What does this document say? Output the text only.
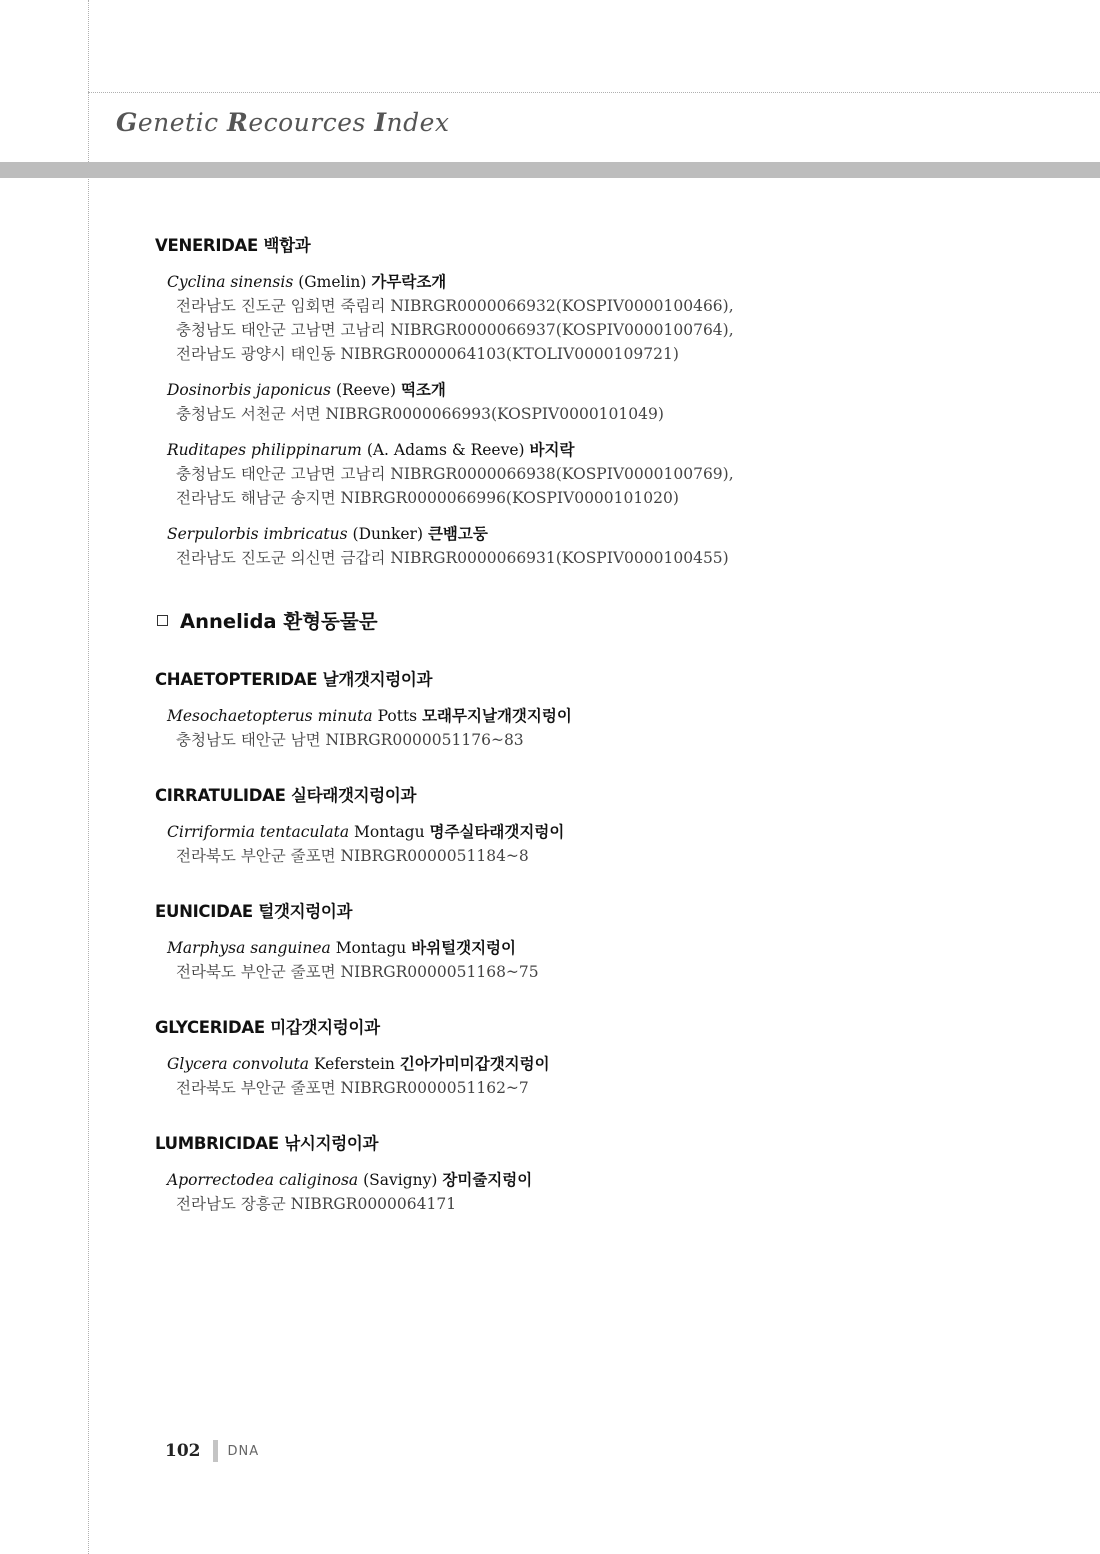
Genetic Recources Index
VENERIDAE 백합과
Cyclina sinensis (Gmelin) 가무락조개
전라남도 진도군 임회면 죽림리 NIBRGR0000066932(KOSPIV0000100466),
충청남도 태안군 고남면 고남리 NIBRGR0000066937(KOSPIV0000100764),
전라남도 광양시 태인동 NIBRGR0000064103(KTOLIV0000109721)
Dosinorbis japonicus (Reeve) 떡조개
충청남도 서천군 서면 NIBRGR0000066993(KOSPIV0000101049)
Ruditapes philippinarum (A. Adams & Reeve) 바지락
충청남도 태안군 고남면 고남리 NIBRGR0000066938(KOSPIV0000100769),
전라남도 해남군 송지면 NIBRGR0000066996(KOSPIV0000101020)
Serpulorbis imbricatus (Dunker) 큰뱀고둥
전라남도 진도군 의신면 금갑리 NIBRGR0000066931(KOSPIV0000100455)
Annelida 환형동물문
CHAETOPTERIDAE 날개갯지렁이과
Mesochaetopterus minuta Potts 모래무지날개갯지렁이
충청남도 태안군 남면 NIBRGR0000051176~83
CIRRATULIDAE 실타래갯지렁이과
Cirriformia tentaculata Montagu 명주실타래갯지렁이
전라북도 부안군 줄포면 NIBRGR0000051184~8
EUNICIDAE 털갯지렁이과
Marphysa sanguinea Montagu 바위털갯지렁이
전라북도 부안군 줄포면 NIBRGR0000051168~75
GLYCERIDAE 미갑갯지렁이과
Glycera convoluta Keferstein 긴아가미미갑갯지렁이
전라북도 부안군 줄포면 NIBRGR0000051162~7
LUMBRICIDAE 낚시지렁이과
Aporrectodea caliginosa (Savigny) 장미줄지렁이
전라남도 장흥군 NIBRGR0000064171
102 DNA
